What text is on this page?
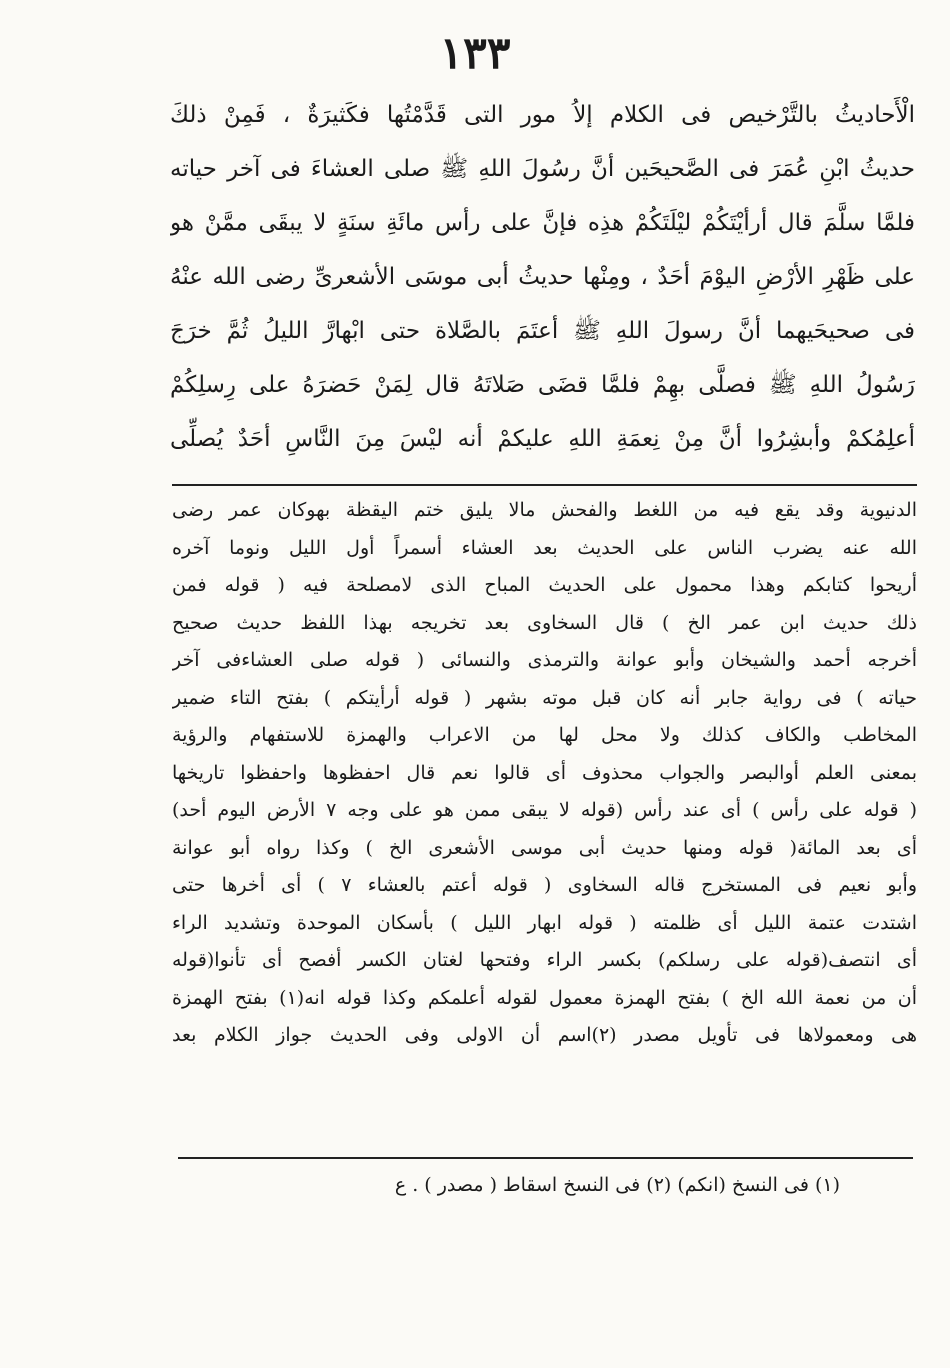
١٣٣
الْأَحاديثُ بالتَّرْخيص فى الكلام إلاُ مور التى قَدَّمْتُها فكَثيرَةٌ ، فَمِنْ ذلكَ
حديثُ ابْنِ عُمَرَ فى الصَّحيحَين أنَّ رسُولَ اللهِ ﷺ صلى العشاءَ فى آخر حياته
فلمَّا سلَّمَ قال أرأيْتَكُمْ ليْلَتَكُمْ هذِه فإنَّ على رأس مائَةِ سنَةٍ لا يبقَى ممَّنْ هو
على ظَهْرِ الأرْضِ اليوْمَ أحَدٌ ، ومِنْها حديثُ أبى موسَى الأشعرىِّ رضى الله عنْهُ
فى صحيحَيهما أنَّ رسولَ اللهِ ﷺ أعتَمَ بالصَّلاة حتى ابْهارَّ الليلُ ثُمَّ خرَجَ
رَسُولُ اللهِ ﷺ فصلَّى بهِمْ فلمَّا قضَى صَلاتَهُ قال لِمَنْ حَضرَهُ على رِسلِكُمْ
أعلِمُكمْ وأبشِرُوا أنَّ مِنْ نِعمَةِ اللهِ عليكمْ أنه ليْسَ مِنَ النَّاسِ أحَدٌ يُصلِّى
الدنيوية وقد يقع فيه من اللغط والفحش مالا يليق ختم اليقظة بهوكان عمر رضى
الله عنه يضرب الناس على الحديث بعد العشاء أسمراً أول الليل ونوما آخره
أريحوا كتابكم وهذا محمول على الحديث المباح الذى لامصلحة فيه ( قوله فمن
ذلك حديث ابن عمر الخ ) قال السخاوى بعد تخريجه بهذا اللفظ حديث صحيح
أخرجه أحمد والشيخان وأبو عوانة والترمذى والنسائى ( قوله صلى العشاءفى آخر
حياته ) فى رواية جابر أنه كان قبل موته بشهر ( قوله أرأيتكم ) بفتح التاء ضمير
المخاطب والكاف كذلك ولا محل لها من الاعراب والهمزة للاستفهام والرؤية
بمعنى العلم أوالبصر والجواب محذوف أى قالوا نعم قال احفظوها واحفظوا تاريخها
( قوله على رأس ) أى عند رأس (قوله لا يبقى ممن هو على وجه ٧ الأرض اليوم أحد)
أى بعد المائة( قوله ومنها حديث أبى موسى الأشعرى الخ ) وكذا رواه أبو عوانة
وأبو نعيم فى المستخرج قاله السخاوى ( قوله أعتم بالعشاء ٧ ) أى أخرها حتى
اشتدت عتمة الليل أى ظلمته ( قوله ابهار الليل ) بأسكان الموحدة وتشديد الراء
أى انتصف(قوله على رسلكم) بكسر الراء وفتحها لغتان الكسر أفصح أى تأنوا(قوله
أن من نعمة الله الخ ) بفتح الهمزة معمول لقوله أعلمكم وكذا قوله انه(١) بفتح الهمزة
هى ومعمولاها فى تأويل مصدر (٢)اسم أن الاولى وفى الحديث جواز الكلام بعد
(١) فى النسخ (انكم) (٢) فى النسخ اسقاط ( مصدر ) . ع
